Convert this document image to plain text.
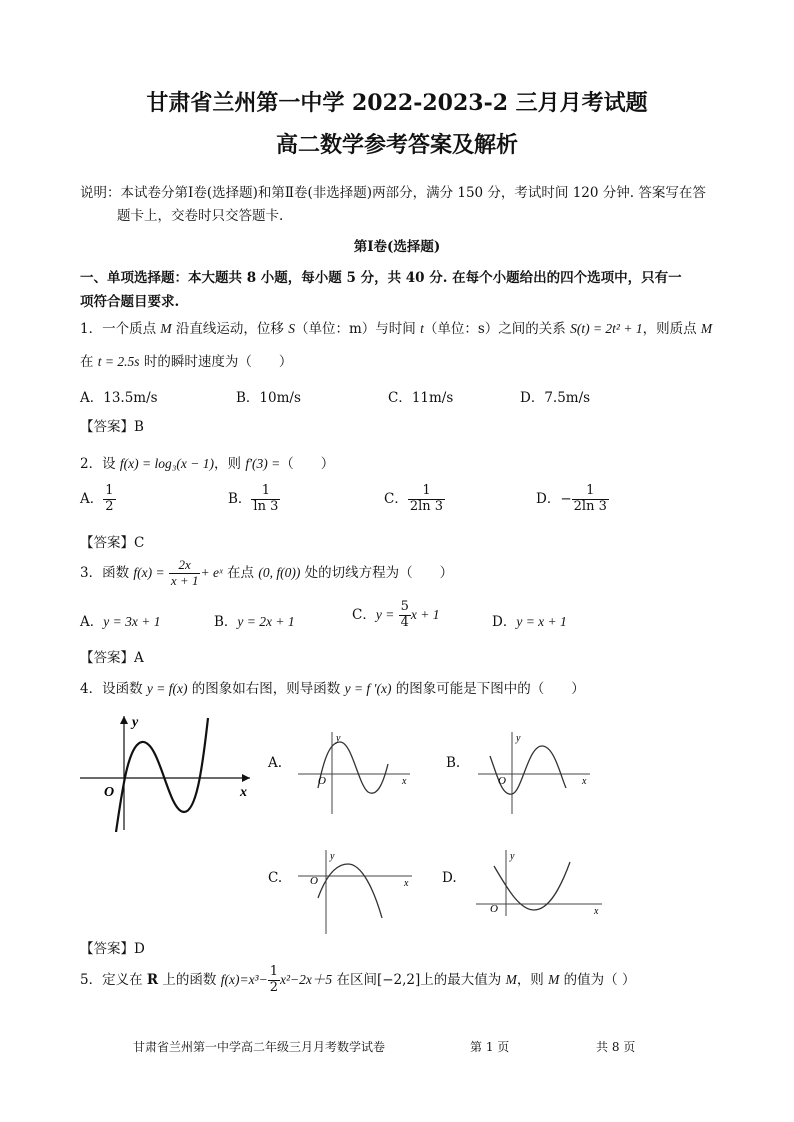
甘肃省兰州第一中学 2022-2023-2 三月月考试题
高二数学参考答案及解析
说明：本试卷分第Ⅰ卷(选择题)和第Ⅱ卷(非选择题)两部分，满分 150 分，考试时间 120 分钟. 答案写在答
题卡上，交卷时只交答题卡.
第Ⅰ卷(选择题)
一、单项选择题：本大题共 8 小题，每小题 5 分，共 40 分. 在每个小题给出的四个选项中，只有一
项符合题目要求.
1．一个质点 M 沿直线运动，位移 S（单位：m）与时间 t（单位：s）之间的关系 S(t) = 2t² + 1，则质点 M
在 t = 2.5s 时的瞬时速度为（　　）
A．13.5m/s	B．10m/s	C．11m/s	D．7.5m/s
【答案】B
2．设 f(x) = log₃(x − 1)，则 f′(3) =（　　）
A． $\frac{1}{2}$	B． $\frac{1}{\ln 3}$	C． $\frac{1}{2\ln 3}$	D．− $\frac{1}{2\ln 3}$
【答案】C
3．函数 $f(x) = \frac{2x}{x + 1}$ + eˣ 在点 (0, f(0)) 处的切线方程为（　　）
A．y = 3x + 1	B．y = 2x + 1	C．$y = \frac{5}{4}$ x + 1	D．y = x + 1
【答案】A
4．设函数 y = f(x) 的图象如右图，则导函数 y = f ′(x) 的图象可能是下图中的（　　）
y
O	x
A.
y
O	x
B.
y
O	x
C.
y
O	x D.
y
O	x
【答案】D
5．定义在 R 上的函数 $f(x)=x^3- \frac{1}{2} x^2-2x+5$ 在区间[−2,2]上的最大值为 M，则 M 的值为（ ）
甘肃省兰州第一中学高二年级三月月考数学试卷	第 1 页	共 8 页
